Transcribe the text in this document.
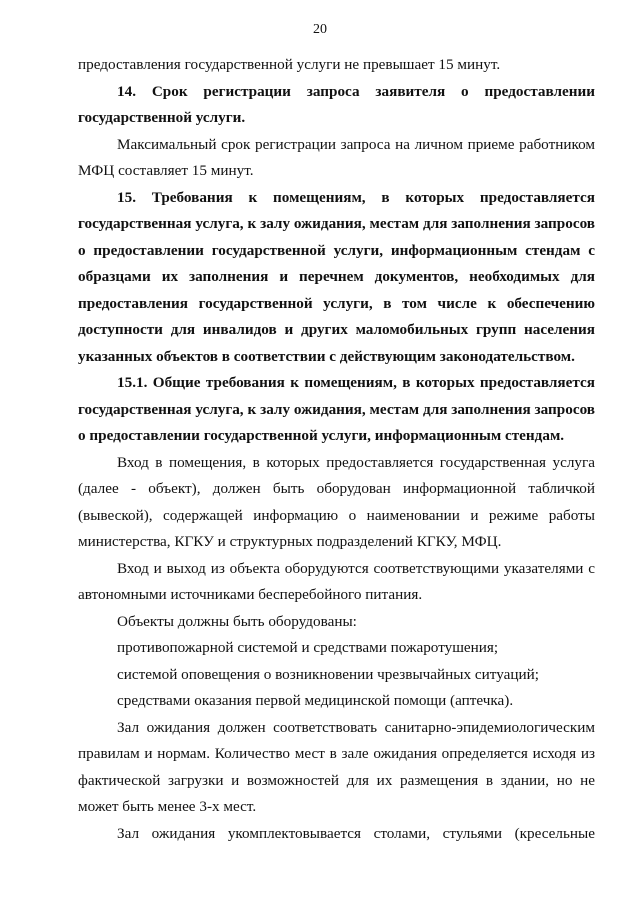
20

предоставления государственной услуги не превышает 15 минут.

14. Срок регистрации запроса заявителя о предоставлении государственной услуги.

Максимальный срок регистрации запроса на личном приеме работником МФЦ составляет 15 минут.

15. Требования к помещениям, в которых предоставляется государственная услуга, к залу ожидания, местам для заполнения запросов о предоставлении государственной услуги, информационным стендам с образцами их заполнения и перечнем документов, необходимых для предоставления государственной услуги, в том числе к обеспечению доступности для инвалидов и других маломобильных групп населения указанных объектов в соответствии с действующим законодательством.

15.1. Общие требования к помещениям, в которых предоставляется государственная услуга, к залу ожидания, местам для заполнения запросов о предоставлении государственной услуги, информационным стендам.

Вход в помещения, в которых предоставляется государственная услуга (далее - объект), должен быть оборудован информационной табличкой (вывеской), содержащей информацию о наименовании и режиме работы министерства, КГКУ и структурных подразделений КГКУ, МФЦ.

Вход и выход из объекта оборудуются соответствующими указателями с автономными источниками бесперебойного питания.

Объекты должны быть оборудованы:

противопожарной системой и средствами пожаротушения;

системой оповещения о возникновении чрезвычайных ситуаций;

средствами оказания первой медицинской помощи (аптечка).

Зал ожидания должен соответствовать санитарно-эпидемиологическим правилам и нормам. Количество мест в зале ожидания определяется исходя из фактической загрузки и возможностей для их размещения в здании, но не может быть менее 3-х мест.

Зал ожидания укомплектовывается столами, стульями (кресельные
